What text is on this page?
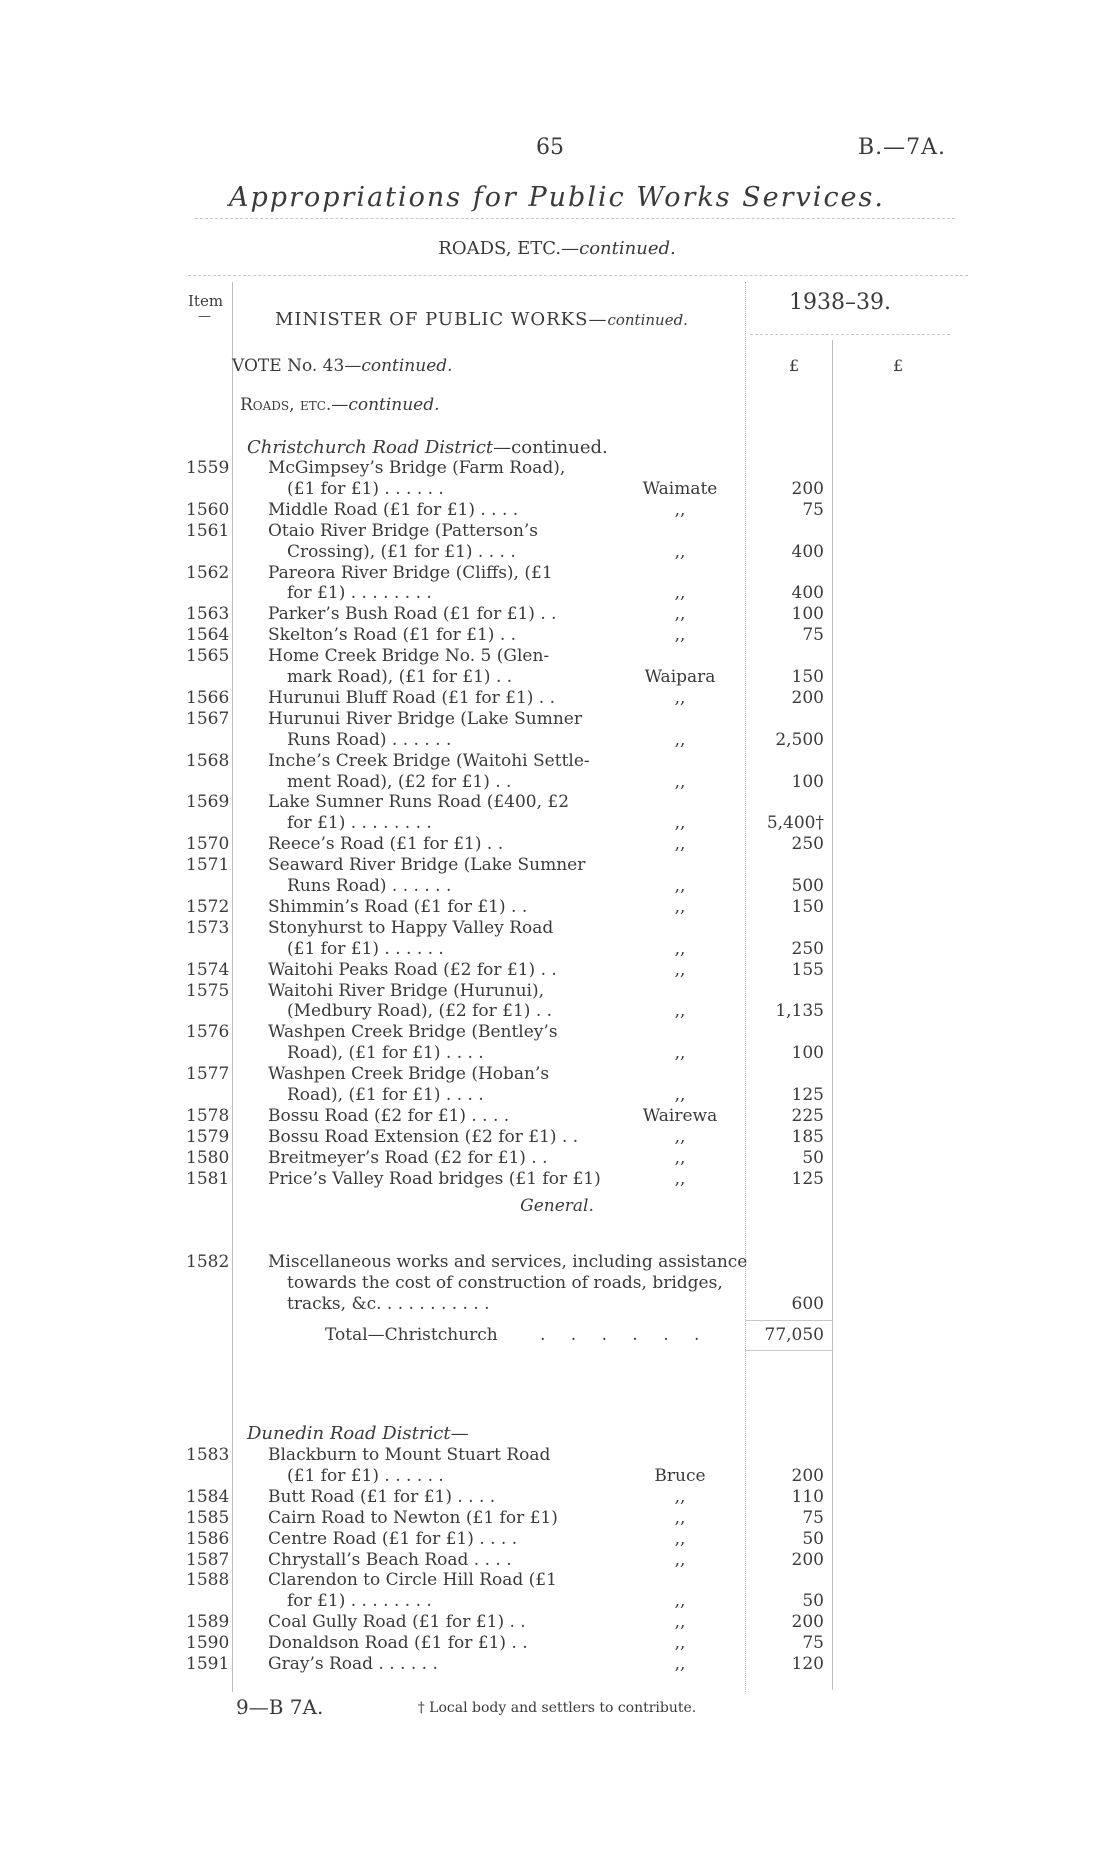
65	B.—7A.
Appropriations for Public Works Services.
ROADS, ETC.—continued.
Item
—
1938–39.
MINISTER OF PUBLIC WORKS—continued.
VOTE No. 43—continued.	£	£
Roads, etc.—continued.
Christchurch Road District—continued.
1559	McGimpsey’s Bridge (Farm Road),
(£1 for £1) . . . . . .	Waimate	200
1560	Middle Road (£1 for £1) . . . .	,,	75
1561	Otaio River Bridge (Patterson’s
Crossing), (£1 for £1) . . . .	,,	400
1562	Pareora River Bridge (Cliffs), (£1
for £1) . . . . . . . .	,,	400
1563	Parker’s Bush Road (£1 for £1) . .	,,	100
1564	Skelton’s Road (£1 for £1) . .	,,	75
1565	Home Creek Bridge No. 5 (Glen-
mark Road), (£1 for £1) . .	Waipara	150
1566	Hurunui Bluff Road (£1 for £1) . .	,,	200
1567	Hurunui River Bridge (Lake Sumner
Runs Road) . . . . . .	,,	2,500
1568	Inche’s Creek Bridge (Waitohi Settle-
ment Road), (£2 for £1) . .	,,	100
1569	Lake Sumner Runs Road (£400, £2
for £1) . . . . . . . .	,,	5,400†
1570	Reece’s Road (£1 for £1) . .	,,	250
1571	Seaward River Bridge (Lake Sumner
Runs Road) . . . . . .	,,	500
1572	Shimmin’s Road (£1 for £1) . .	,,	150
1573	Stonyhurst to Happy Valley Road
(£1 for £1) . . . . . .	,,	250
1574	Waitohi Peaks Road (£2 for £1) . .	,,	155
1575	Waitohi River Bridge (Hurunui),
(Medbury Road), (£2 for £1) . .	,,	1,135
1576	Washpen Creek Bridge (Bentley’s
Road), (£1 for £1) . . . .	,,	100
1577	Washpen Creek Bridge (Hoban’s
Road), (£1 for £1) . . . .	,,	125
1578	Bossu Road (£2 for £1) . . . .	Wairewa	225
1579	Bossu Road Extension (£2 for £1) . .	,,	185
1580	Breitmeyer’s Road (£2 for £1) . .	,,	50
1581	Price’s Valley Road bridges (£1 for £1)	,,	125
General.
1582	Miscellaneous works and services, including assistance
towards the cost of construction of roads, bridges,
tracks, &c. . . . . . . . . . .	600
Total—Christchurch . . . . . .	77,050
Dunedin Road District—
1583	Blackburn to Mount Stuart Road
(£1 for £1) . . . . . .	Bruce	200
1584	Butt Road (£1 for £1) . . . .	,,	110
1585	Cairn Road to Newton (£1 for £1)	,,	75
1586	Centre Road (£1 for £1) . . . .	,,	50
1587	Chrystall’s Beach Road . . . .	,,	200
1588	Clarendon to Circle Hill Road (£1
for £1) . . . . . . . .	,,	50
1589	Coal Gully Road (£1 for £1) . .	,,	200
1590	Donaldson Road (£1 for £1) . .	,,	75
1591	Gray’s Road . . . . . .	,,	120
† Local body and settlers to contribute.
9—B 7A.
